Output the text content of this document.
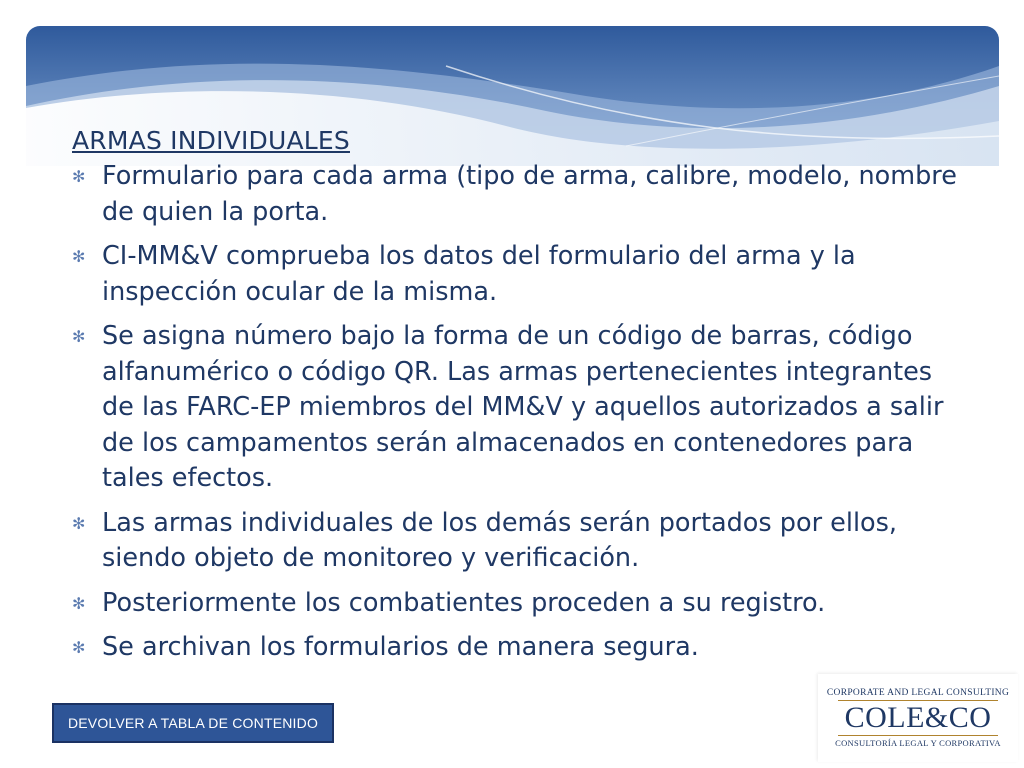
ARMAS INDIVIDUALES
✻ Formulario para cada arma (tipo de arma, calibre, modelo, nombre de quien la porta.
✻ CI-MM&V comprueba los datos del formulario del arma y la inspección ocular de la misma.
✻ Se asigna número bajo la forma de un código de barras, código alfanumérico o código QR. Las armas pertenecientes integrantes de las FARC-EP miembros del MM&V y aquellos autorizados a salir de los campamentos serán almacenados en contenedores para tales efectos.
✻ Las armas individuales de los demás serán portados por ellos, siendo objeto de monitoreo y verificación.
✻ Posteriormente los combatientes proceden a su registro.
✻ Se archivan los formularios de manera segura.
DEVOLVER A TABLA DE CONTENIDO
CORPORATE AND LEGAL CONSULTING
COLE&CO
CONSULTORÍA LEGAL Y CORPORATIVA
